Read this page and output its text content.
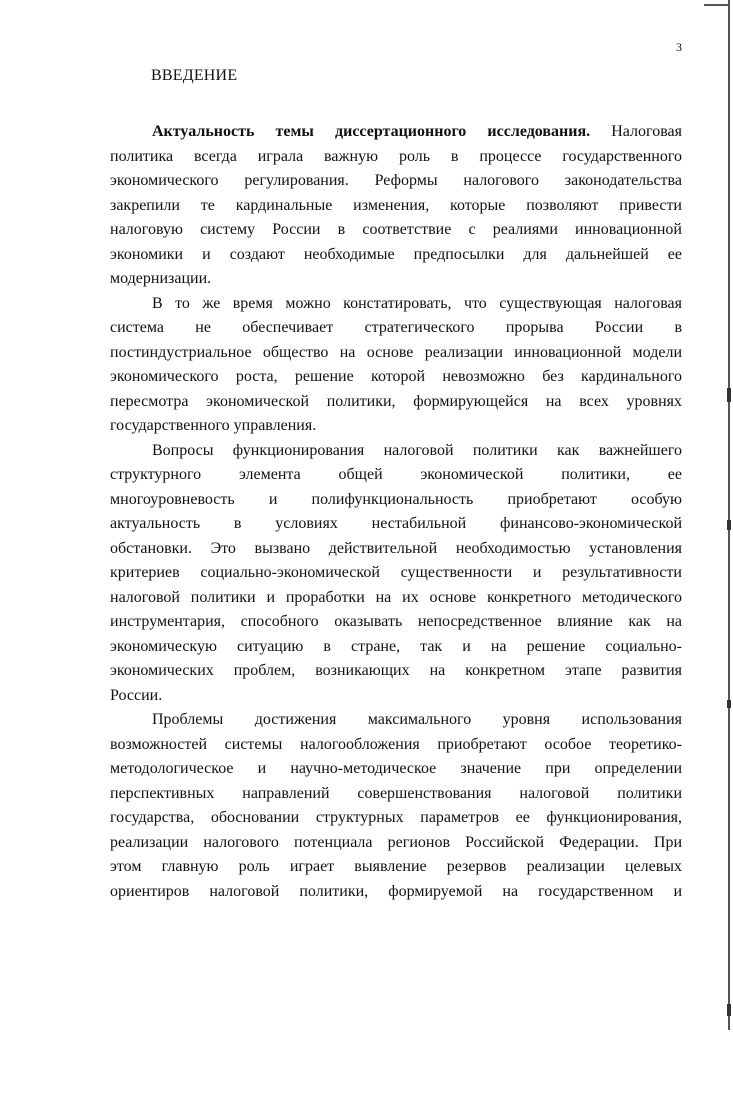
3
ВВЕДЕНИЕ
Актуальность темы диссертационного исследования. Налоговая
политика всегда играла важную роль в процессе государственного
экономического регулирования. Реформы налогового законодательства
закрепили те кардинальные изменения, которые позволяют привести
налоговую систему России в соответствие с реалиями инновационной
экономики и создают необходимые предпосылки для дальнейшей ее
модернизации.
В то же время можно констатировать, что существующая налоговая
система не обеспечивает стратегического прорыва России в
постиндустриальное общество на основе реализации инновационной модели
экономического роста, решение которой невозможно без кардинального
пересмотра экономической политики, формирующейся на всех уровнях
государственного управления.
Вопросы функционирования налоговой политики как важнейшего
структурного элемента общей экономической политики, ее
многоуровневость и полифункциональность приобретают особую
актуальность в условиях нестабильной финансово-экономической
обстановки. Это вызвано действительной необходимостью установления
критериев социально-экономической существенности и результативности
налоговой политики и проработки на их основе конкретного методического
инструментария, способного оказывать непосредственное влияние как на
экономическую ситуацию в стране, так и на решение социально-
экономических проблем, возникающих на конкретном этапе развития
России.
Проблемы достижения максимального уровня использования
возможностей системы налогообложения приобретают особое теоретико-
методологическое и научно-методическое значение при определении
перспективных направлений совершенствования налоговой политики
государства, обосновании структурных параметров ее функционирования,
реализации налогового потенциала регионов Российской Федерации. При
этом главную роль играет выявление резервов реализации целевых
ориентиров налоговой политики, формируемой на государственном и
